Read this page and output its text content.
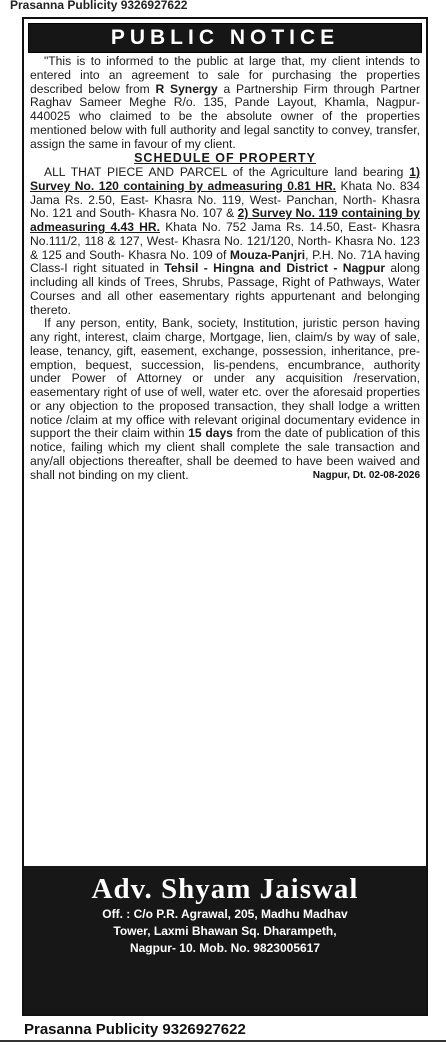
Prasanna Publicity 9326927622
PUBLIC NOTICE

"This is to informed to the public at large that, my client intends to entered into an agreement to sale for purchasing the properties described below from R Synergy a Partnership Firm through Partner Raghav Sameer Meghe R/o. 135, Pande Layout, Khamla, Nagpur-440025 who claimed to be the absolute owner of the properties mentioned below with full authority and legal sanctity to convey, transfer, assign the same in favour of my client.

SCHEDULE OF PROPERTY

ALL THAT PIECE AND PARCEL of the Agriculture land bearing 1) Survey No. 120 containing by admeasuring 0.81 HR. Khata No. 834 Jama Rs. 2.50, East- Khasra No. 119, West- Panchan, North- Khasra No. 121 and South- Khasra No. 107 & 2) Survey No. 119 containing by admeasuring 4.43 HR. Khata No. 752 Jama Rs. 14.50, East- Khasra No.111/2, 118 & 127, West- Khasra No. 121/120, North- Khasra No. 123 & 125 and South- Khasra No. 109 of Mouza-Panjri, P.H. No. 71A having Class-I right situated in Tehsil - Hingna and District - Nagpur along including all kinds of Trees, Shrubs, Passage, Right of Pathways, Water Courses and all other easementary rights appurtenant and belonging thereto.

If any person, entity, Bank, society, Institution, juristic person having any right, interest, claim charge, Mortgage, lien, claim/s by way of sale, lease, tenancy, gift, easement, exchange, possession, inheritance, pre-emption, bequest, succession, lis-pendens, encumbrance, authority under Power of Attorney or under any acquisition /reservation, easementary right of use of well, water etc. over the aforesaid properties or any objection to the proposed transaction, they shall lodge a written notice /claim at my office with relevant original documentary evidence in support the their claim within 15 days from the date of publication of this notice, failing which my client shall complete the sale transaction and any/all objections thereafter, shall be deemed to have been waived and shall not binding on my client.	Nagpur, Dt. 02-08-2026
Adv. Shyam Jaiswal
Off. : C/o P.R. Agrawal, 205, Madhu Madhav
Tower, Laxmi Bhawan Sq. Dharampeth,
Nagpur- 10. Mob. No. 9823005617
Prasanna Publicity 9326927622
